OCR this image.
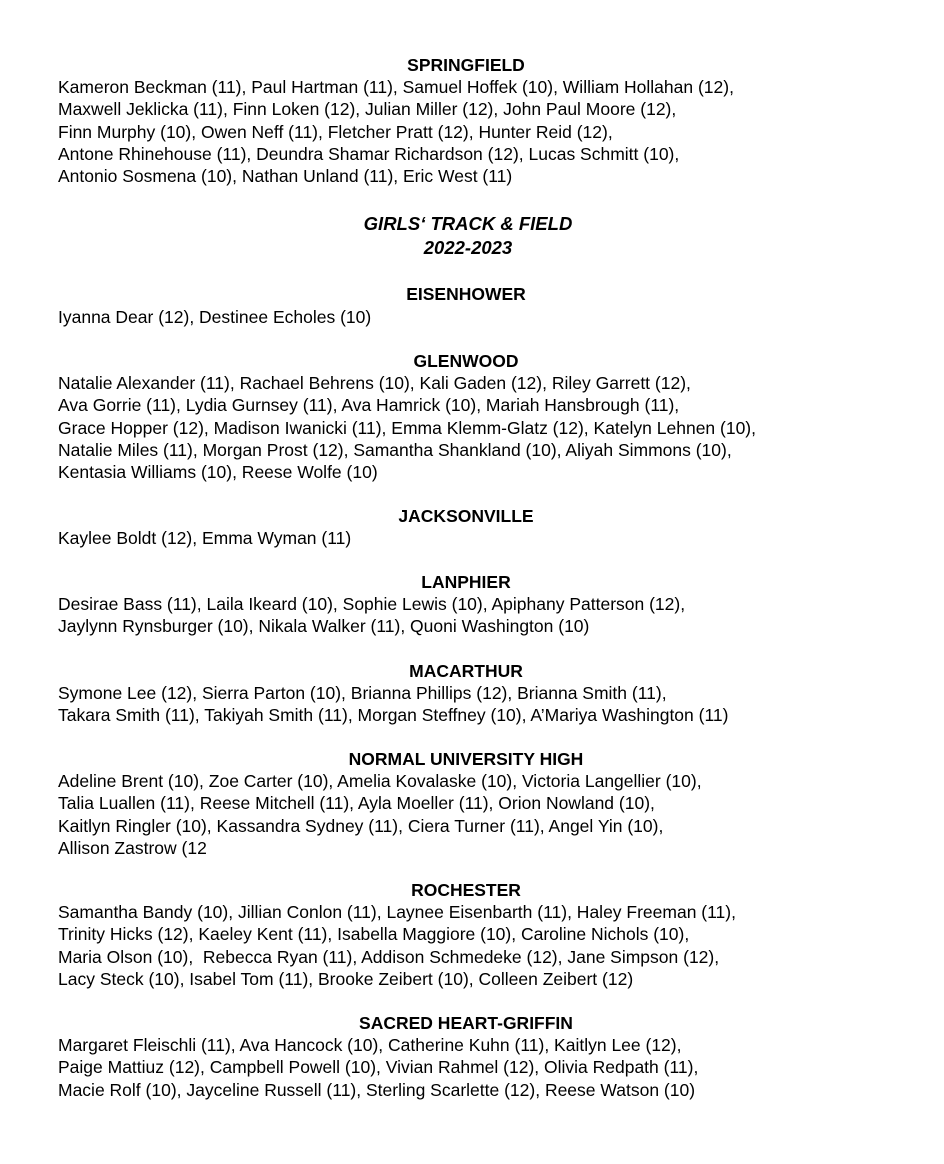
SPRINGFIELD
Kameron Beckman (11), Paul Hartman (11), Samuel Hoffek (10), William Hollahan (12),
Maxwell Jeklicka (11), Finn Loken (12), Julian Miller (12), John Paul Moore (12),
Finn Murphy (10), Owen Neff (11), Fletcher Pratt (12), Hunter Reid (12),
Antone Rhinehouse (11), Deundra Shamar Richardson (12), Lucas Schmitt (10),
Antonio Sosmena (10), Nathan Unland (11), Eric West (11)
GIRLS‘ TRACK & FIELD
2022-2023
EISENHOWER
Iyanna Dear (12), Destinee Echoles (10)
GLENWOOD
Natalie Alexander (11), Rachael Behrens (10), Kali Gaden (12), Riley Garrett (12),
Ava Gorrie (11), Lydia Gurnsey (11), Ava Hamrick (10), Mariah Hansbrough (11),
Grace Hopper (12), Madison Iwanicki (11), Emma Klemm-Glatz (12), Katelyn Lehnen (10),
Natalie Miles (11), Morgan Prost (12), Samantha Shankland (10), Aliyah Simmons (10),
Kentasia Williams (10), Reese Wolfe (10)
JACKSONVILLE
Kaylee Boldt (12), Emma Wyman (11)
LANPHIER
Desirae Bass (11), Laila Ikeard (10), Sophie Lewis (10), Apiphany Patterson (12),
Jaylynn Rynsburger (10), Nikala Walker (11), Quoni Washington (10)
MACARTHUR
Symone Lee (12), Sierra Parton (10), Brianna Phillips (12), Brianna Smith (11),
Takara Smith (11), Takiyah Smith (11), Morgan Steffney (10), A’Mariya Washington (11)
NORMAL UNIVERSITY HIGH
Adeline Brent (10), Zoe Carter (10), Amelia Kovalaske (10), Victoria Langellier (10),
Talia Luallen (11), Reese Mitchell (11), Ayla Moeller (11), Orion Nowland (10),
Kaitlyn Ringler (10), Kassandra Sydney (11), Ciera Turner (11), Angel Yin (10),
Allison Zastrow (12
ROCHESTER
Samantha Bandy (10), Jillian Conlon (11), Laynee Eisenbarth (11), Haley Freeman (11),
Trinity Hicks (12), Kaeley Kent (11), Isabella Maggiore (10), Caroline Nichols (10),
Maria Olson (10),  Rebecca Ryan (11), Addison Schmedeke (12), Jane Simpson (12),
Lacy Steck (10), Isabel Tom (11), Brooke Zeibert (10), Colleen Zeibert (12)
SACRED HEART-GRIFFIN
Margaret Fleischli (11), Ava Hancock (10), Catherine Kuhn (11), Kaitlyn Lee (12),
Paige Mattiuz (12), Campbell Powell (10), Vivian Rahmel (12), Olivia Redpath (11),
Macie Rolf (10), Jayceline Russell (11), Sterling Scarlette (12), Reese Watson (10)
